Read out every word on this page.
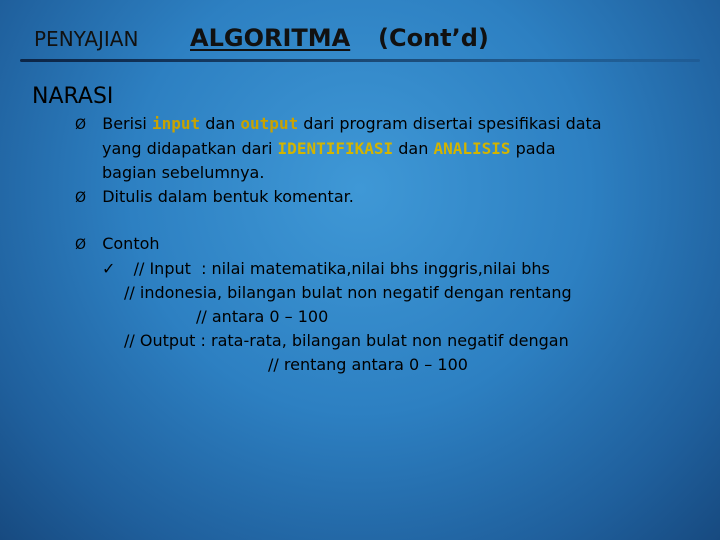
PENYAJIAN ALGORITMA (Cont’d)
NARASI
Ø Berisi input dan output dari program disertai spesifikasi data
yang didapatkan dari IDENTIFIKASI dan ANALISIS pada
bagian sebelumnya.
Ø Ditulis dalam bentuk komentar.
Ø Contoh
✓ // Input  : nilai matematika,nilai bhs inggris,nilai bhs
// indonesia, bilangan bulat non negatif dengan rentang
// antara 0 – 100
// Output : rata-rata, bilangan bulat non negatif dengan
// rentang antara 0 – 100
